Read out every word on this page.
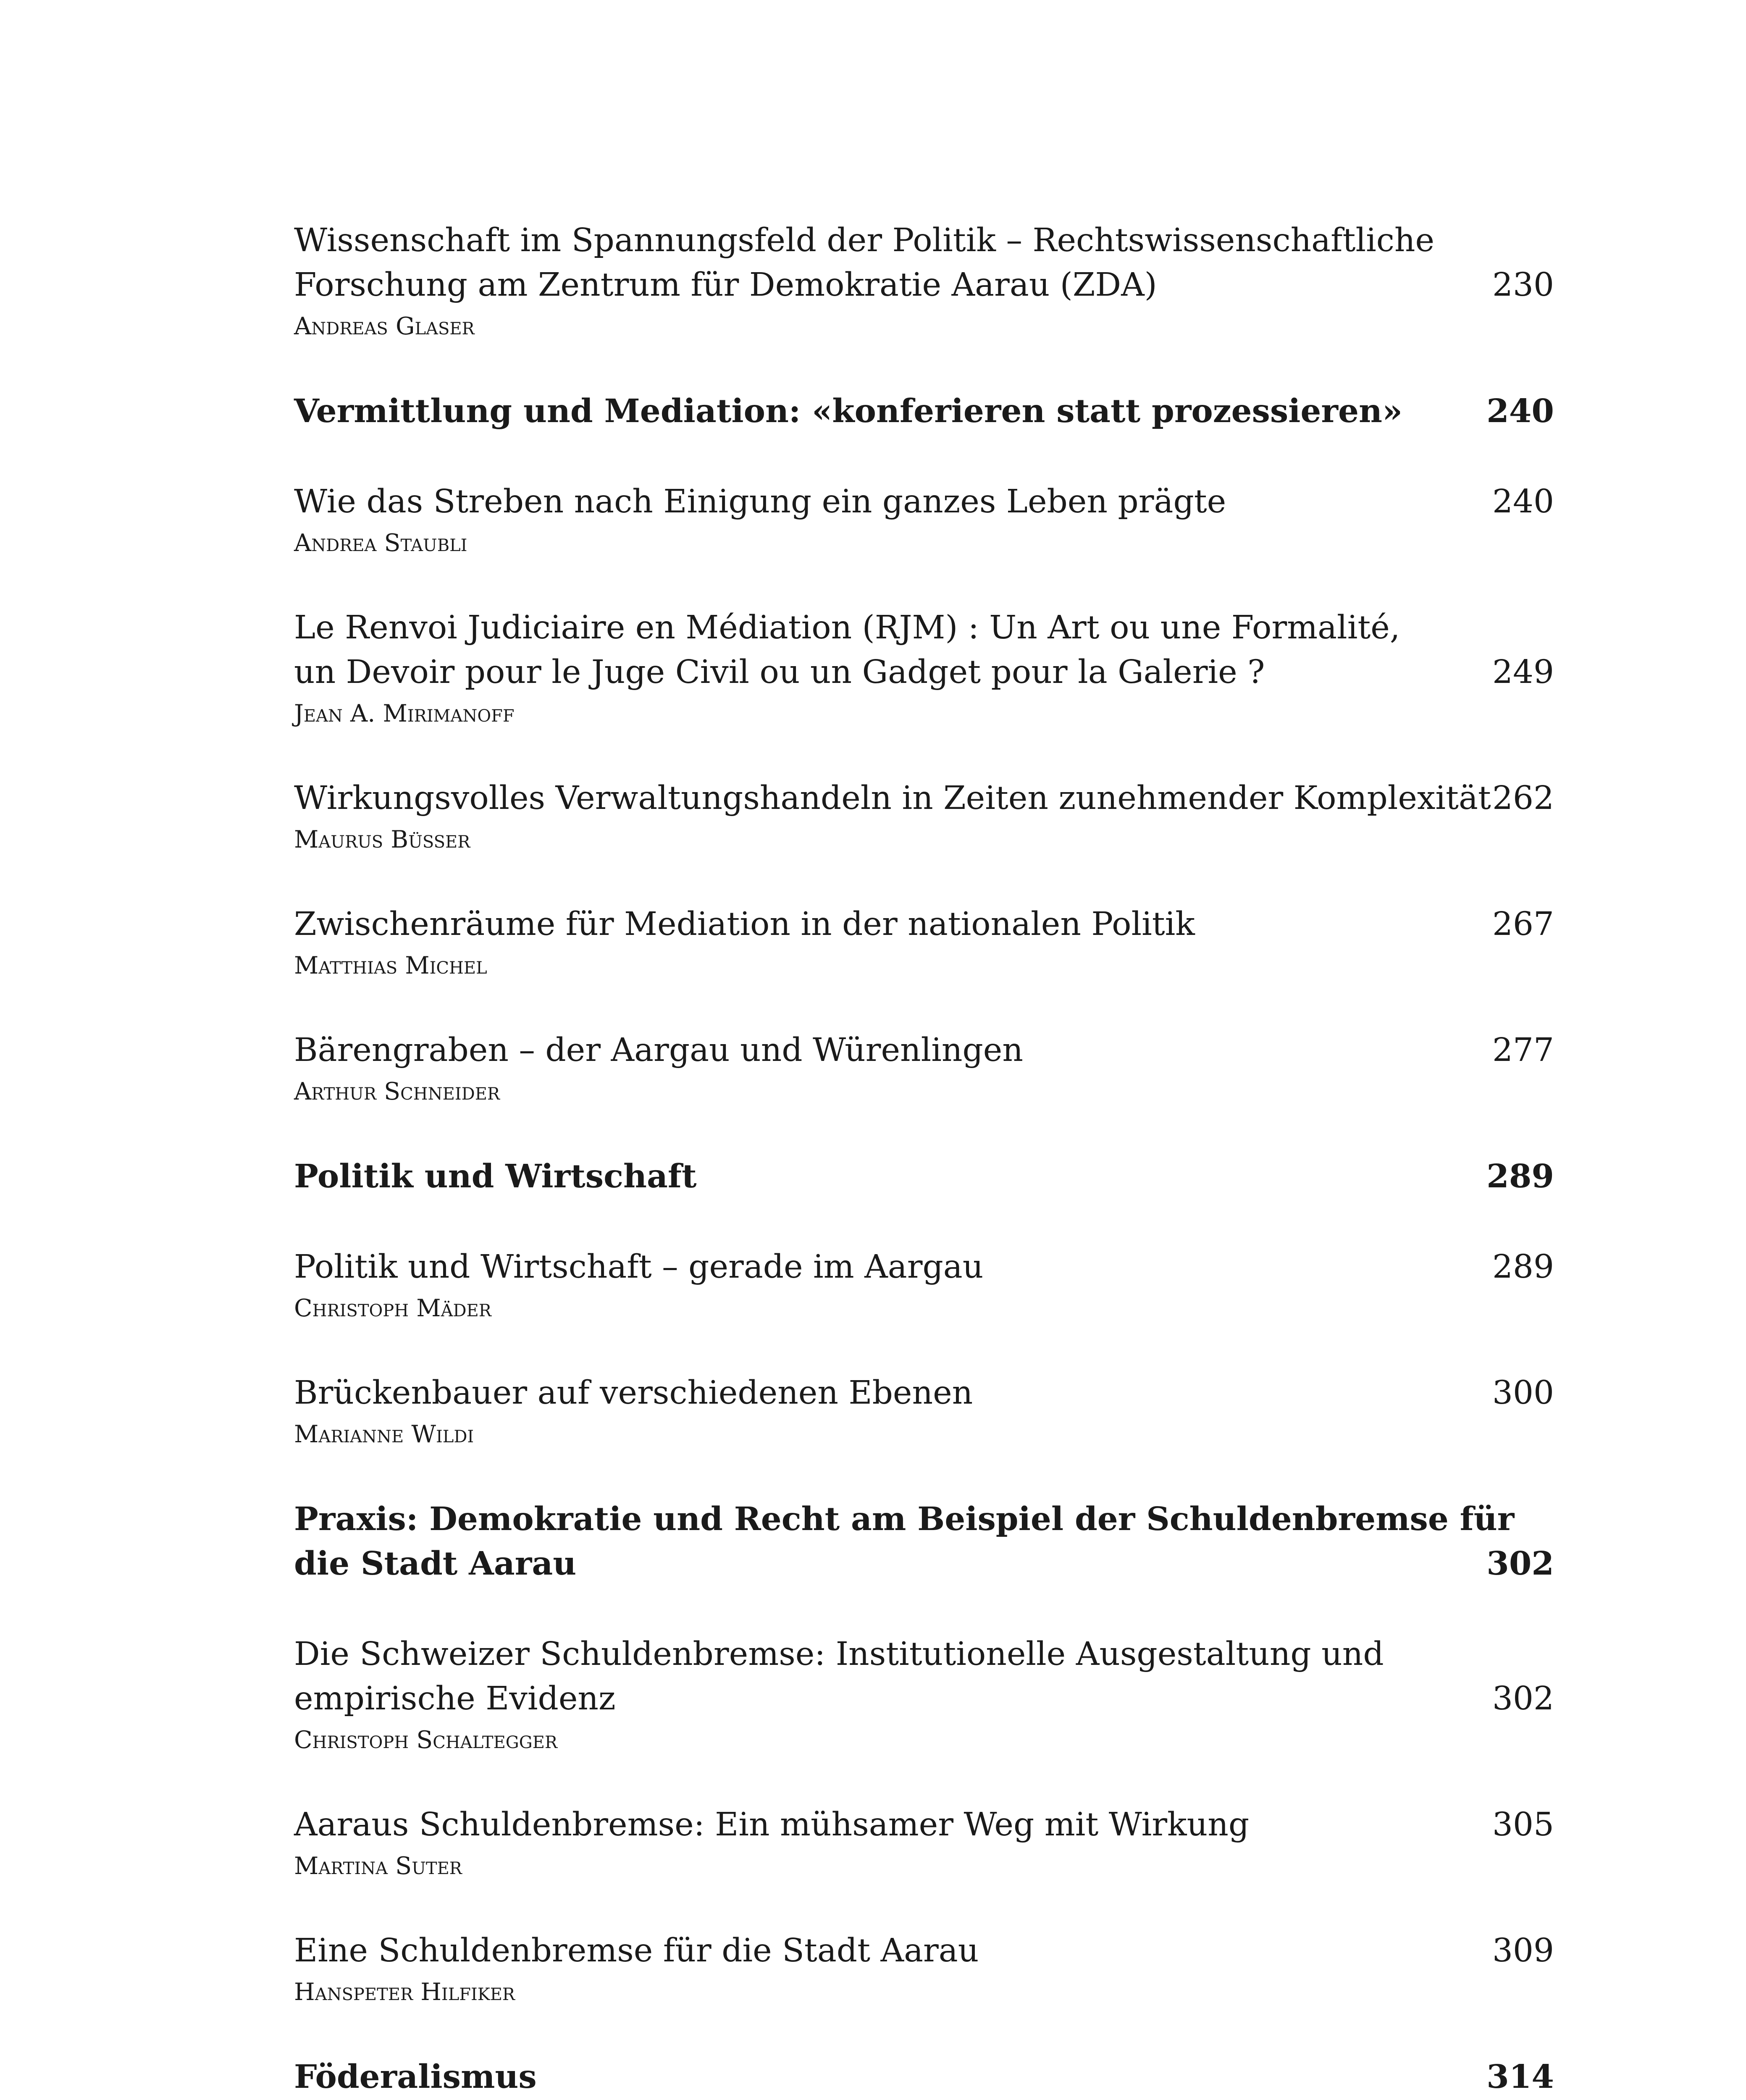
Wissenschaft im Spannungsfeld der Politik – Rechtswissenschaftliche
Forschung am Zentrum für Demokratie Aarau (ZDA)	230
Andreas Glaser
Vermittlung und Mediation: «konferieren statt prozessieren»	240
Wie das Streben nach Einigung ein ganzes Leben prägte	240
Andrea Staubli
Le Renvoi Judiciaire en Médiation (RJM) : Un Art ou une Formalité,
un Devoir pour le Juge Civil ou un Gadget pour la Galerie ?	249
Jean A. Mirimanoff
Wirkungsvolles Verwaltungshandeln in Zeiten zunehmender Komplexität 262
Maurus Büsser
Zwischenräume für Mediation in der nationalen Politik	267
Matthias Michel
Bärengraben – der Aargau und Würenlingen	277
Arthur Schneider
Politik und Wirtschaft	289
Politik und Wirtschaft – gerade im Aargau	289
Christoph Mäder
Brückenbauer auf verschiedenen Ebenen	300
Marianne Wildi
Praxis: Demokratie und Recht am Beispiel der Schuldenbremse für
die Stadt Aarau	302
Die Schweizer Schuldenbremse: Institutionelle Ausgestaltung und
empirische Evidenz	302
Christoph Schaltegger
Aaraus Schuldenbremse: Ein mühsamer Weg mit Wirkung	305
Martina Suter
Eine Schuldenbremse für die Stadt Aarau	309
Hanspeter Hilfiker
Föderalismus	314
